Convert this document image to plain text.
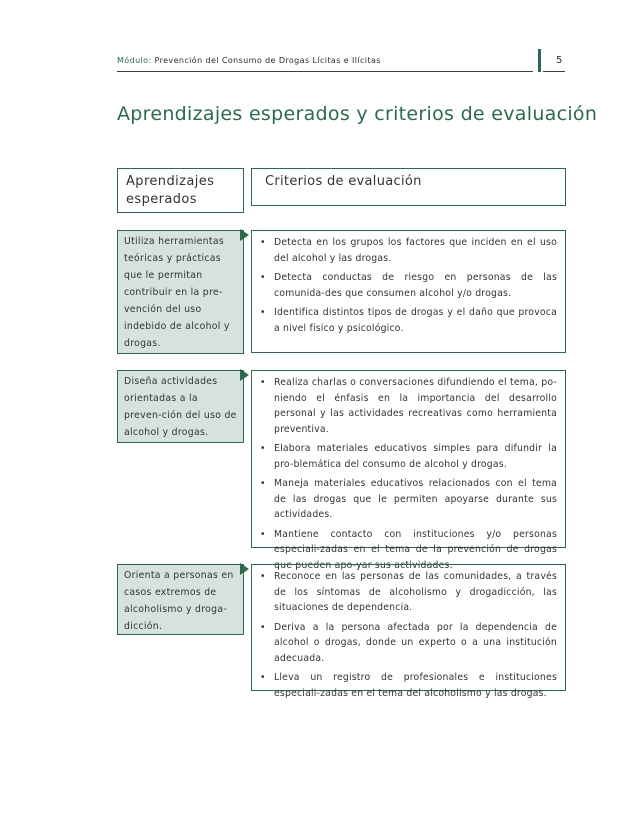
Módulo: Prevención del Consumo de Drogas Lícitas e Ilícitas	5
Aprendizajes esperados y criterios de evaluación
Aprendizajes esperados
Criterios de evaluación
Utiliza herramientas teóricas y prácticas que le permitan contribuir en la pre-vención del uso indebido de alcohol y drogas.
• Detecta en los grupos los factores que inciden en el uso del alcohol y las drogas.
• Detecta conductas de riesgo en personas de las comunida-des que consumen alcohol y/o drogas.
• Identifica distintos tipos de drogas y el daño que provoca a nivel físico y psicológico.
Diseña actividades orientadas a la preven-ción del uso de alcohol y drogas.
• Realiza charlas o conversaciones difundiendo el tema, po-niendo el énfasis en la importancia del desarrollo personal y las actividades recreativas como herramienta preventiva.
• Elabora materiales educativos simples para difundir la pro-blemática del consumo de alcohol y drogas.
• Maneja materiales educativos relacionados con el tema de las drogas que le permiten apoyarse durante sus actividades.
• Mantiene contacto con instituciones y/o personas especiali-zadas en el tema de la prevención de drogas que pueden apo-yar sus actividades.
Orienta a personas en casos extremos de alcoholismo y droga-dicción.
• Reconoce en las personas de las comunidades, a través de los síntomas de alcoholismo y drogadicción, las situaciones de dependencia.
• Deriva a la persona afectada por la dependencia de alcohol o drogas, donde un experto o a una institución adecuada.
• Lleva un registro de profesionales e instituciones especiali-zadas en el tema del alcoholismo y las drogas.
